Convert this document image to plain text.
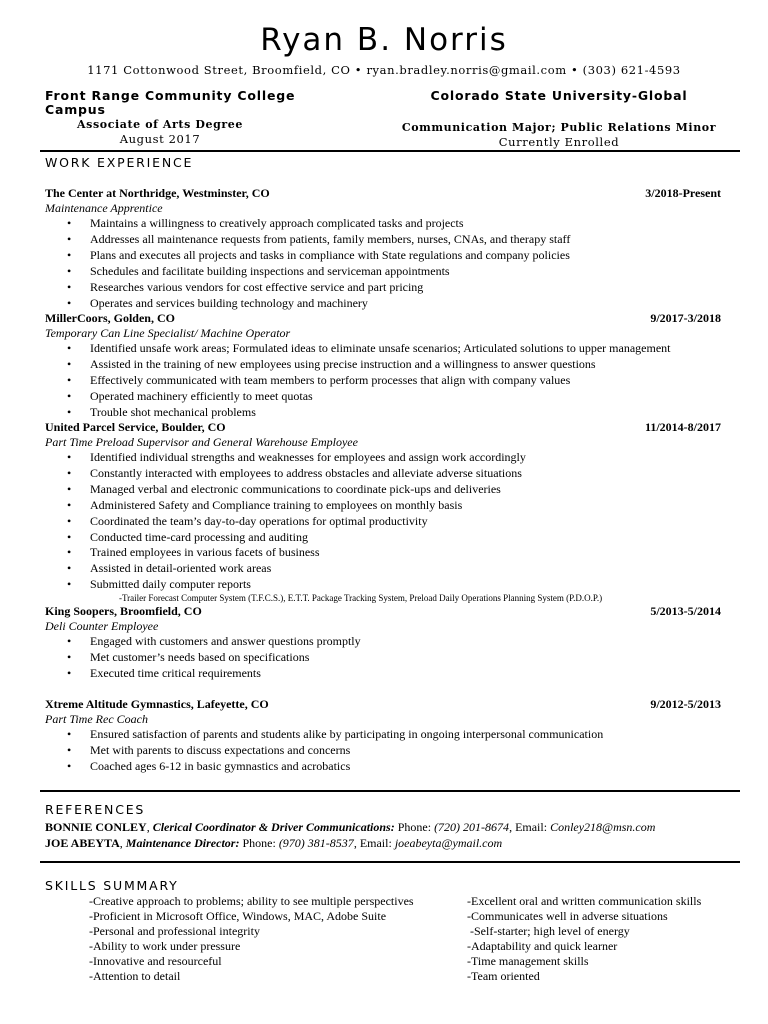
Ryan B. Norris
1171 Cottonwood Street, Broomfield, CO • ryan.bradley.norris@gmail.com • (303) 621-4593
Front Range Community College
Campus
Associate of Arts Degree
August 2017
Colorado State University-Global
Communication Major; Public Relations Minor
Currently Enrolled
WORK EXPERIENCE
The Center at Northridge, Westminster, CO	3/2018-Present
Maintenance Apprentice
• Maintains a willingness to creatively approach complicated tasks and projects
• Addresses all maintenance requests from patients, family members, nurses, CNAs, and therapy staff
• Plans and executes all projects and tasks in compliance with State regulations and company policies
• Schedules and facilitate building inspections and serviceman appointments
• Researches various vendors for cost effective service and part pricing
• Operates and services building technology and machinery
MillerCoors, Golden, CO	9/2017-3/2018
Temporary Can Line Specialist/ Machine Operator
• Identified unsafe work areas; Formulated ideas to eliminate unsafe scenarios; Articulated solutions to upper management
• Assisted in the training of new employees using precise instruction and a willingness to answer questions
• Effectively communicated with team members to perform processes that align with company values
• Operated machinery efficiently to meet quotas
• Trouble shot mechanical problems
United Parcel Service, Boulder, CO	11/2014-8/2017
Part Time Preload Supervisor and General Warehouse Employee
• Identified individual strengths and weaknesses for employees and assign work accordingly
• Constantly interacted with employees to address obstacles and alleviate adverse situations
• Managed verbal and electronic communications to coordinate pick-ups and deliveries
• Administered Safety and Compliance training to employees on monthly basis
• Coordinated the team’s day-to-day operations for optimal productivity
• Conducted time-card processing and auditing
• Trained employees in various facets of business
• Assisted in detail-oriented work areas
• Submitted daily computer reports
-Trailer Forecast Computer System (T.F.C.S.), E.T.T. Package Tracking System, Preload Daily Operations Planning System (P.D.O.P.)
King Soopers, Broomfield, CO	5/2013-5/2014
Deli Counter Employee
• Engaged with customers and answer questions promptly
• Met customer’s needs based on specifications
• Executed time critical requirements
Xtreme Altitude Gymnastics, Lafeyette, CO	9/2012-5/2013
Part Time Rec Coach
• Ensured satisfaction of parents and students alike by participating in ongoing interpersonal communication
• Met with parents to discuss expectations and concerns
• Coached ages 6-12 in basic gymnastics and acrobatics
REFERENCES
BONNIE CONLEY, Clerical Coordinator & Driver Communications: Phone: (720) 201-8674, Email: Conley218@msn.com
JOE ABEYTA, Maintenance Director: Phone: (970) 381-8537, Email: joeabeyta@ymail.com
SKILLS SUMMARY
-Creative approach to problems; ability to see multiple perspectives
-Proficient in Microsoft Office, Windows, MAC, Adobe Suite
-Personal and professional integrity
-Ability to work under pressure
-Innovative and resourceful
-Attention to detail
-Excellent oral and written communication skills
-Communicates well in adverse situations
-Self-starter; high level of energy
-Adaptability and quick learner
-Time management skills
-Team oriented
